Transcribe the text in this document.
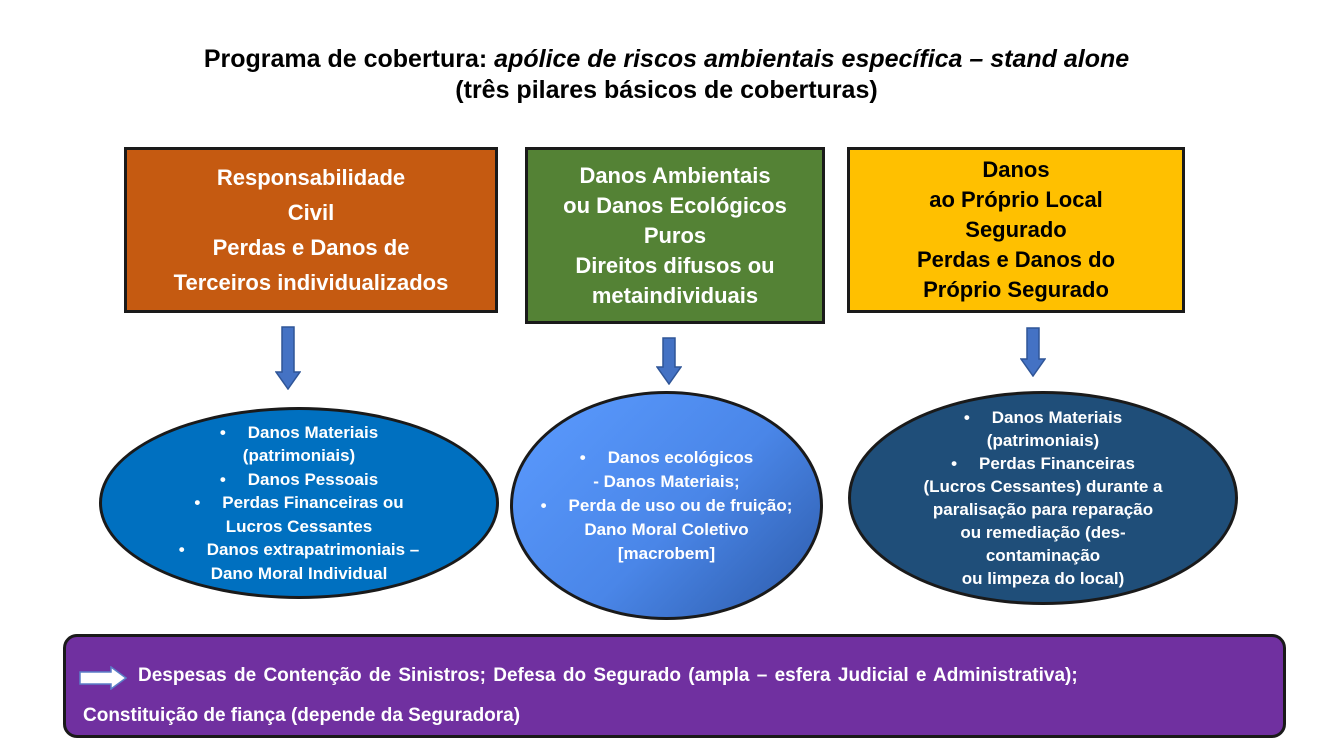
Programa de cobertura: apólice de riscos ambientais específica – stand alone
(três pilares básicos de coberturas)
Responsabilidade
Civil
Perdas e Danos de
Terceiros individualizados
Danos Ambientais
ou Danos Ecológicos
Puros
Direitos difusos ou
metaindividuais
Danos
ao Próprio Local
Segurado
Perdas e Danos do
Próprio Segurado
• Danos Materiais
(patrimoniais)
• Danos Pessoais
• Perdas Financeiras ou
Lucros Cessantes
• Danos extrapatrimoniais –
Dano Moral Individual
• Danos ecológicos
- Danos Materiais;
• Perda de uso ou de fruição;
Dano Moral Coletivo
[macrobem]
• Danos Materiais
(patrimoniais)
• Perdas Financeiras
(Lucros Cessantes) durante a
paralisação para reparação
ou remediação (des-
contaminação
ou limpeza do local)
Despesas de Contenção de Sinistros; Defesa do Segurado (ampla – esfera Judicial e Administrativa);
Constituição de fiança (depende da Seguradora)
